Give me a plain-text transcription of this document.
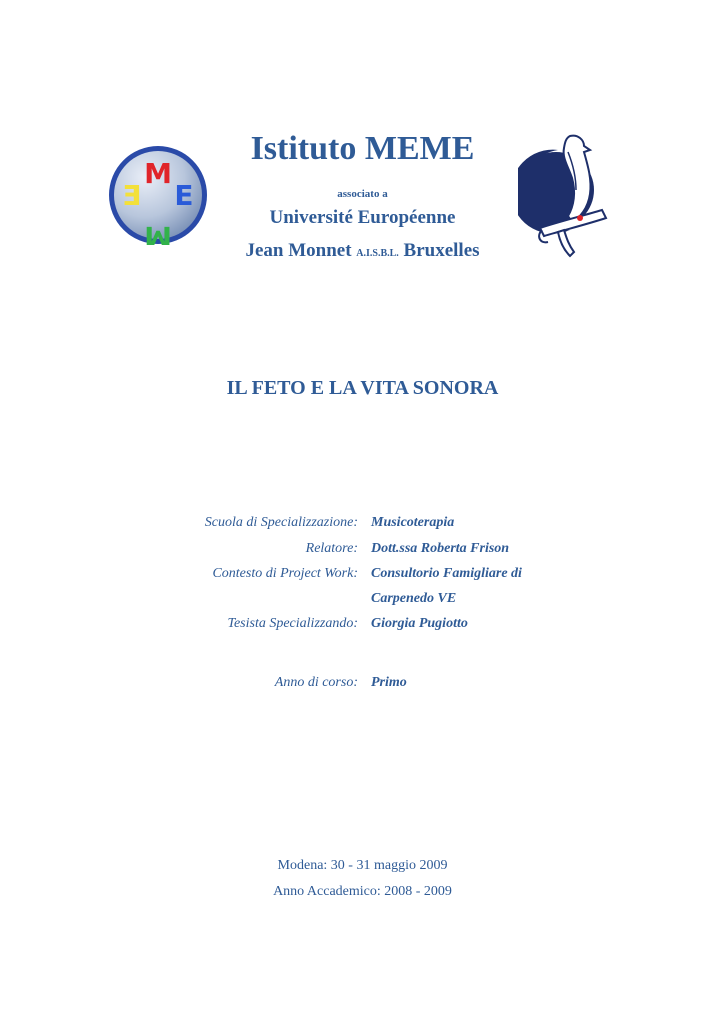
M
E
M
E
Istituto MEME
associato a
Université Européenne
Jean Monnet A.I.S.B.L. Bruxelles
IL FETO E LA VITA SONORA
Scuola di Specializzazione: Musicoterapia
Relatore: Dott.ssa Roberta Frison
Contesto di Project Work: Consultorio Famigliare di
Carpenedo VE
Tesista Specializzando: Giorgia Pugiotto
Anno di corso: Primo
Modena: 30 - 31 maggio 2009
Anno Accademico: 2008 - 2009
